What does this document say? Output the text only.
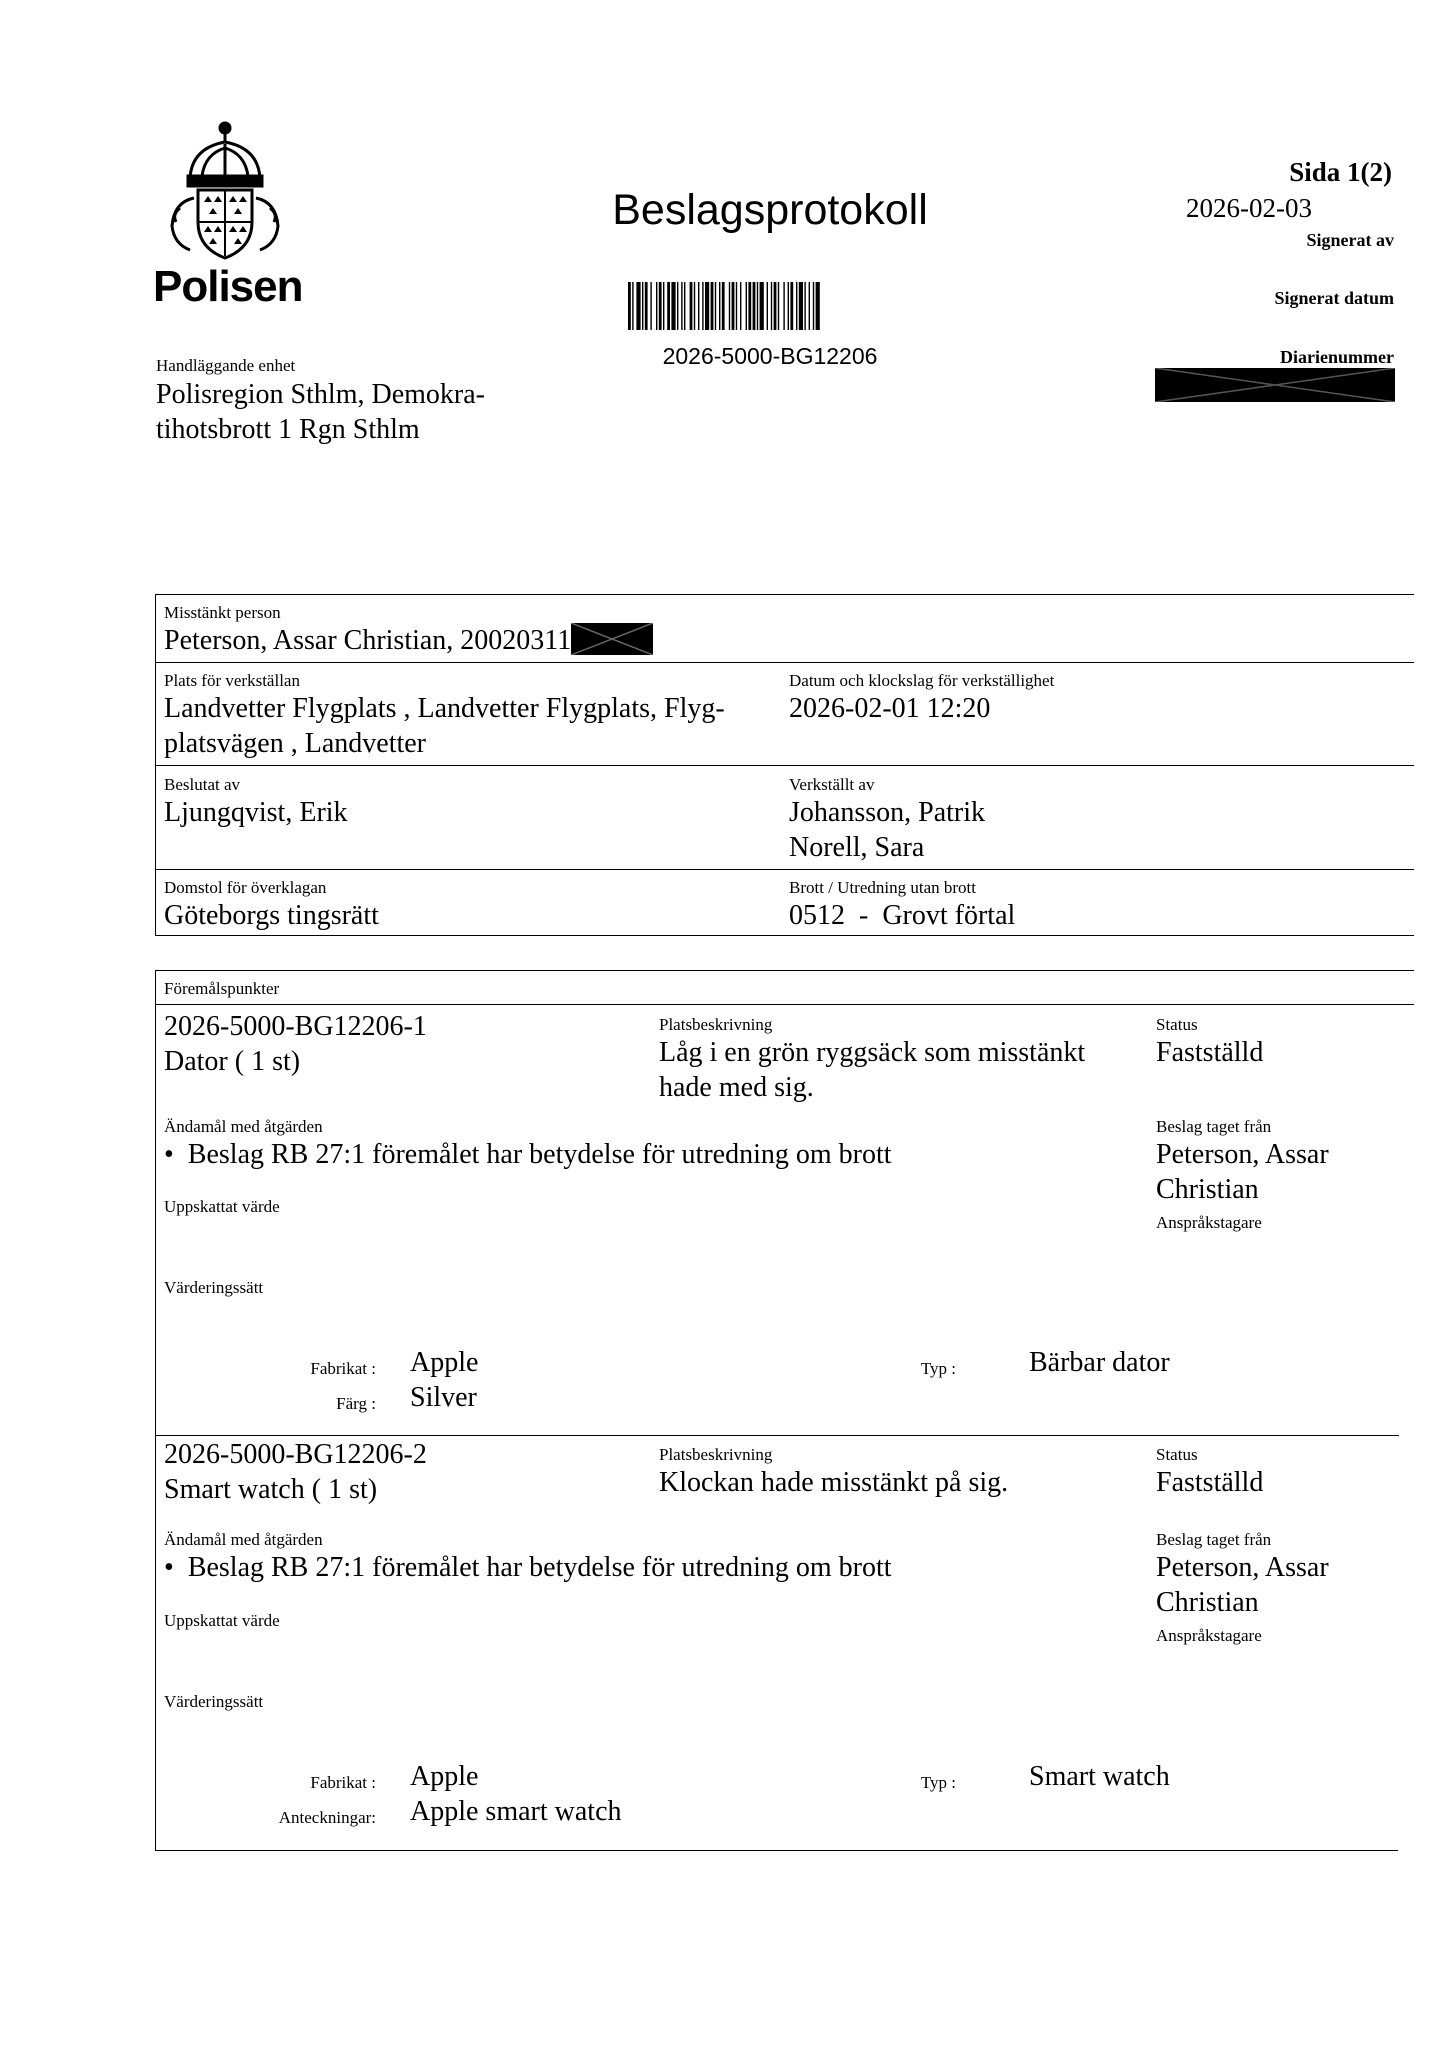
Polisen
Beslagsprotokoll
2026-5000-BG12206
Sida 1(2)
2026-02-03
Signerat av
Signerat datum
Diarienummer
Handläggande enhet
Polisregion Sthlm, Demokra-
tihotsbrott 1 Rgn Sthlm
Misstänkt person
Peterson, Assar Christian, 20020311
Plats för verkställan
Landvetter Flygplats , Landvetter Flygplats, Flyg-
platsvägen , Landvetter
Datum och klockslag för verkställighet
2026-02-01 12:20
Beslutat av
Ljungqvist, Erik
Verkställt av
Johansson, Patrik
Norell, Sara
Domstol för överklagan
Göteborgs tingsrätt
Brott / Utredning utan brott
0512  -  Grovt förtal
Föremålspunkter
2026-5000-BG12206-1
Dator ( 1 st)
Platsbeskrivning
Låg i en grön ryggsäck som misstänkt
hade med sig.
Status
Fastställd
Ändamål med åtgärden
•  Beslag RB 27:1 föremålet har betydelse för utredning om brott
Beslag taget från
Peterson, Assar
Christian
Anspråkstagare
Uppskattat värde
Värderingssätt
Fabrikat : Apple	Typ :	Bärbar dator
Färg : Silver
2026-5000-BG12206-2
Smart watch ( 1 st)
Platsbeskrivning
Klockan hade misstänkt på sig.
Status
Fastställd
Ändamål med åtgärden
•  Beslag RB 27:1 föremålet har betydelse för utredning om brott
Beslag taget från
Peterson, Assar
Christian
Anspråkstagare
Uppskattat värde
Värderingssätt
Fabrikat : Apple	Typ :	Smart watch
Anteckningar: Apple smart watch
